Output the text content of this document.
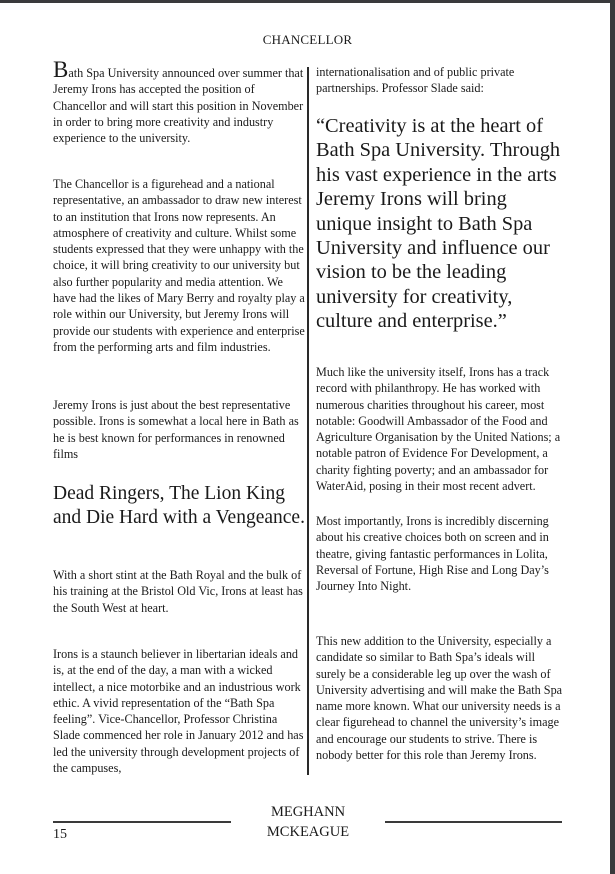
CHANCELLOR

Bath Spa University announced over summer that Jeremy Irons has accepted the position of Chancellor and will start this position in November in order to bring more creativity and industry experience to the university.

The Chancellor is a figurehead and a national representative, an ambassador to draw new interest to an institution that Irons now represents. An atmosphere of creativity and culture. Whilst some students expressed that they were unhappy with the choice, it will bring creativity to our university but also further popularity and media attention. We have had the likes of Mary Berry and royalty play a role within our University, but Jeremy Irons will provide our students with experience and enterprise from the performing arts and film industries.

Jeremy Irons is just about the best representative possible. Irons is somewhat a local here in Bath as he is best known for performances in renowned films

Dead Ringers, The Lion King and Die Hard with a Vengeance.

With a short stint at the Bath Royal and the bulk of his training at the Bristol Old Vic, Irons at least has the South West at heart.

Irons is a staunch believer in libertarian ideals and is, at the end of the day, a man with a wicked intellect, a nice motorbike and an industrious work ethic. A vivid representation of the “Bath Spa feeling”. Vice-Chancellor, Professor Christina Slade commenced her role in January 2012 and has led the university through development projects of the campuses,

internationalisation and of public private partnerships. Professor Slade said:

“Creativity is at the heart of Bath Spa University. Through his vast experience in the arts Jeremy Irons will bring unique insight to Bath Spa University and influence our vision to be the leading university for creativity, culture and enterprise.”

Much like the university itself, Irons has a track record with philanthropy. He has worked with numerous charities throughout his career, most notable: Goodwill Ambassador of the Food and Agriculture Organisation by the United Nations; a notable patron of Evidence For Development, a charity fighting poverty; and an ambassador for WaterAid, posing in their most recent advert.

Most importantly, Irons is incredibly discerning about his creative choices both on screen and in theatre, giving fantastic performances in Lolita, Reversal of Fortune, High Rise and Long Day’s Journey Into Night.

This new addition to the University, especially a candidate so similar to Bath Spa’s ideals will surely be a considerable leg up over the wash of University advertising and will make the Bath Spa name more known. What our university needs is a clear figurehead to channel the university’s image and encourage our students to strive. There is nobody better for this role than Jeremy Irons.

15
MEGHANN
MCKEAGUE
